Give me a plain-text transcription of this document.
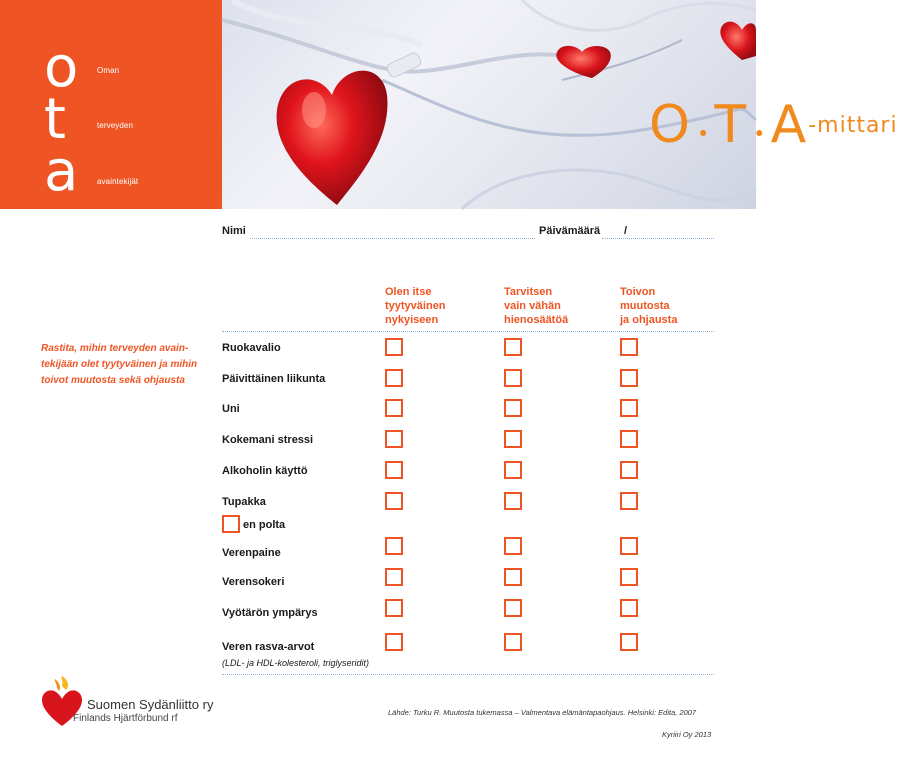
o
t
a
Oman
terveyden
avaintekijät
O ● T ● A-mittari
Nimi	Päivämäärä /
Olen itse
tyytyväinen
nykyiseen
Tarvitsen
vain vähän
hienosäätöä
Toivon
muutosta
ja ohjausta
Rastita, mihin terveyden avain-tekijään olet tyytyväinen ja mihin toivot muutosta sekä ohjausta
Ruokavalio
Päivittäinen liikunta
Uni
Kokemani stressi
Alkoholin käyttö
Tupakka
en polta
Verenpaine
Verensokeri
Vyötärön ympärys
Veren rasva-arvot
(LDL- ja HDL-kolesteroli, triglyseridit)
Suomen Sydänliitto ry
Finlands Hjärtförbund rf
Lähde: Turku R. Muutosta tukemassa – Valmentava elämäntapaohjaus. Helsinki: Edita, 2007
Kyriiri Oy 2013
